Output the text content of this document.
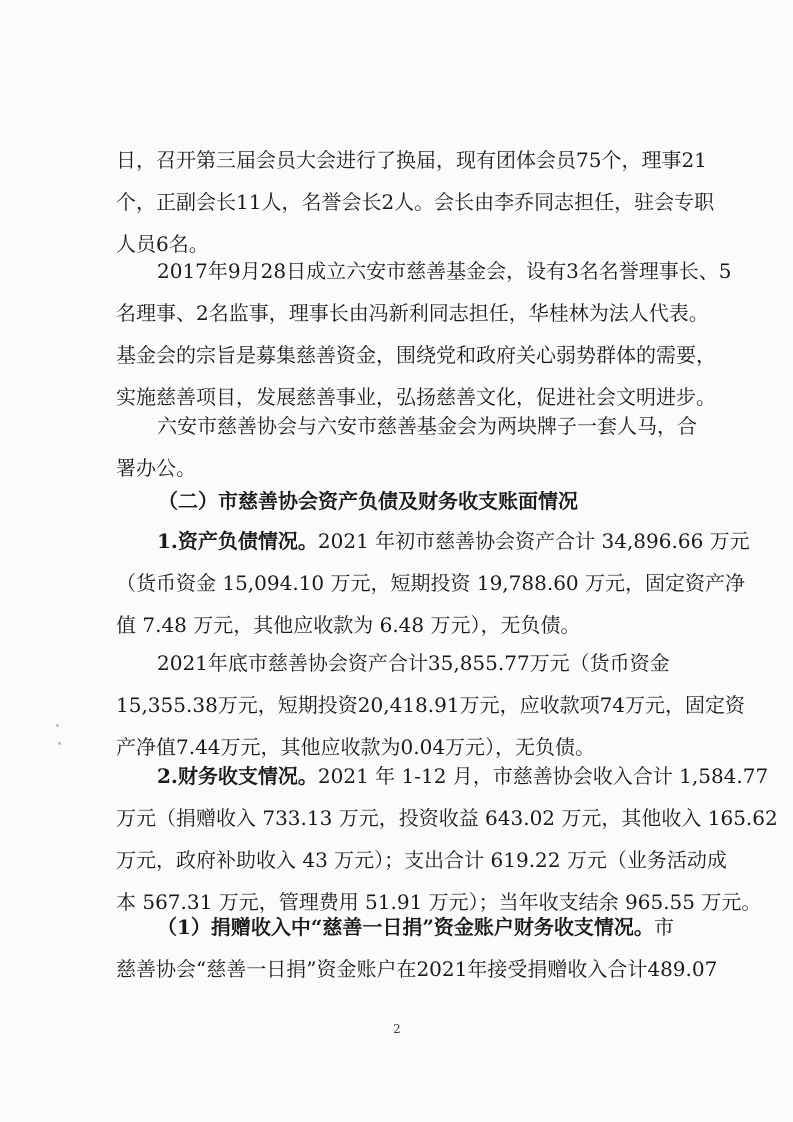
日，召开第三届会员大会进行了换届，现有团体会员75个，理事21
个，正副会长11人，名誉会长2人。会长由李乔同志担任，驻会专职
人员6名。
2017年9月28日成立六安市慈善基金会，设有3名名誉理事长、5
名理事、2名监事，理事长由冯新利同志担任，华桂林为法人代表。
基金会的宗旨是募集慈善资金，围绕党和政府关心弱势群体的需要，
实施慈善项目，发展慈善事业，弘扬慈善文化，促进社会文明进步。
六安市慈善协会与六安市慈善基金会为两块牌子一套人马，合
署办公。
（二）市慈善协会资产负债及财务收支账面情况
1.资产负债情况。2021 年初市慈善协会资产合计 34,896.66 万元
（货币资金 15,094.10 万元，短期投资 19,788.60 万元，固定资产净
值 7.48 万元，其他应收款为 6.48 万元），无负债。
2021年底市慈善协会资产合计35,855.77万元（货币资金
15,355.38万元，短期投资20,418.91万元，应收款项74万元，固定资
产净值7.44万元，其他应收款为0.04万元），无负债。
2.财务收支情况。2021 年 1-12 月，市慈善协会收入合计 1,584.77
万元（捐赠收入 733.13 万元，投资收益 643.02 万元，其他收入 165.62
万元，政府补助收入 43 万元）；支出合计 619.22 万元（业务活动成
本 567.31 万元，管理费用 51.91 万元）；当年收支结余 965.55 万元。
（1）捐赠收入中“慈善一日捐”资金账户财务收支情况。市
慈善协会“慈善一日捐”资金账户在2021年接受捐赠收入合计489.07
2
